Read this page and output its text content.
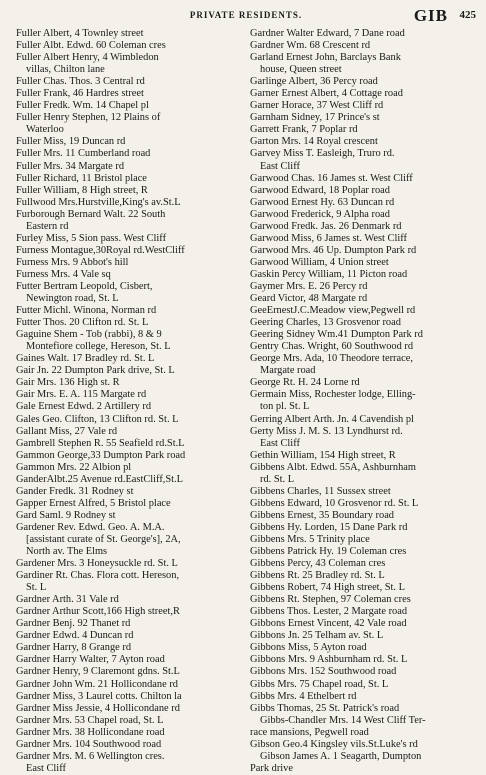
PRIVATE RESIDENTS.	GIB 425
Fuller Albert, 4 Townley street
Fuller Albt. Edwd. 60 Coleman cres
Fuller Albert Henry, 4 Wimbledon
villas, Chilton lane
Fuller Chas. Thos. 3 Central rd
Fuller Frank, 46 Hardres street
Fuller Fredk. Wm. 14 Chapel pl
Fuller Henry Stephen, 12 Plains of
Waterloo
Fuller Miss, 19 Duncan rd
Fuller Mrs. 11 Cumberland road
Fuller Mrs. 34 Margate rd
Fuller Richard, 11 Bristol place
Fuller William, 8 High street, R
Fullwood Mrs.Hurstville,King's av.St.L
Furborough Bernard Walt. 22 South
Eastern rd
Furley Miss, 5 Sion pass. West Cliff
Furness Montague,30Royal rd.WestCliff
Furness Mrs. 9 Abbot's hill
Furness Mrs. 4 Vale sq
Futter Bertram Leopold, Cisbert,
Newington road, St. L
Futter Michl. Winona, Norman rd
Futter Thos. 20 Clifton rd. St. L
Gaguine Shem - Tob (rabbi), 8 & 9
Montefiore college, Hereson, St. L
Gaines Walt. 17 Bradley rd. St. L
Gair Jn. 22 Dumpton Park drive, St. L
Gair Mrs. 136 High st. R
Gair Mrs. E. A. 115 Margate rd
Gale Ernest Edwd. 2 Artillery rd
Gales Geo. Clifton, 13 Clifton rd. St. L
Gallant Miss, 27 Vale rd
Gambrell Stephen R. 55 Seafield rd.St.L
Gammon George,33 Dumpton Park road
Gammon Mrs. 22 Albion pl
GanderAlbt.25 Avenue rd.EastCliff,St.L
Gander Fredk. 31 Rodney st
Gapper Ernest Alfred, 5 Bristol place
Gard Saml. 9 Rodney st
Gardener Rev. Edwd. Geo. A. M.A.
[assistant curate of St. George's], 2A,
North av. The Elms
Gardener Mrs. 3 Honeysuckle rd. St. L
Gardiner Rt. Chas. Flora cott. Hereson,
St. L
Gardner Arth. 31 Vale rd
Gardner Arthur Scott,166 High street,R
Gardner Benj. 92 Thanet rd
Gardner Edwd. 4 Duncan rd
Gardner Harry, 8 Grange rd
Gardner Harry Walter, 7 Ayton road
Gardner Henry, 9 Claremont gdns. St.L
Gardner John Wm. 21 Hollicondane rd
Gardner Miss, 3 Laurel cotts. Chilton la
Gardner Miss Jessie, 4 Hollicondane rd
Gardner Mrs. 53 Chapel road, St. L
Gardner Mrs. 38 Hollicondane road
Gardner Mrs. 104 Southwood road
Gardner Mrs. M. 6 Wellington cres.
East Cliff
Gardner Walter Edward, 7 Dane road
Gardner Wm. 68 Crescent rd
Garland Ernest John, Barclays Bank
house, Queen street
Garlinge Albert, 36 Percy road
Garner Ernest Albert, 4 Cottage road
Garner Horace, 37 West Cliff rd
Garnham Sidney, 17 Prince's st
Garrett Frank, 7 Poplar rd
Garton Mrs. 14 Royal crescent
Garvey Miss T. Easleigh, Truro rd.
East Cliff
Garwood Chas. 16 James st. West Cliff
Garwood Edward, 18 Poplar road
Garwood Ernest Hy. 63 Duncan rd
Garwood Frederick, 9 Alpha road
Garwood Fredk. Jas. 26 Denmark rd
Garwood Miss, 6 James st. West Cliff
Garwood Mrs. 46 Up. Dumpton Park rd
Garwood William, 4 Union street
Gaskin Percy William, 11 Picton road
Gaymer Mrs. E. 26 Percy rd
Geard Victor, 48 Margate rd
GeeErnestJ.C.Meadow view,Pegwell rd
Geering Charles, 13 Grosvenor road
Geering Sidney Wm.41 Dumpton Park rd
Gentry Chas. Wright, 60 Southwood rd
George Mrs. Ada, 10 Theodore terrace,
Margate road
George Rt. H. 24 Lorne rd
Germain Miss, Rochester lodge, Elling-
ton pl. St. L
Gerring Albert Arth. Jn. 4 Cavendish pl
Gerty Miss J. M. S. 13 Lyndhurst rd.
East Cliff
Gethin William, 154 High street, R
Gibbens Albt. Edwd. 55A, Ashburnham
rd. St. L
Gibbens Charles, 11 Sussex street
Gibbens Edward, 10 Grosvenor rd. St. L
Gibbens Ernest, 35 Boundary road
Gibbens Hy. Lorden, 15 Dane Park rd
Gibbens Mrs. 5 Trinity place
Gibbens Patrick Hy. 19 Coleman cres
Gibbens Percy, 43 Coleman cres
Gibbens Rt. 25 Bradley rd. St. L
Gibbens Robert, 74 High street, St. L
Gibbens Rt. Stephen, 97 Coleman cres
Gibbens Thos. Lester, 2 Margate road
Gibbons Ernest Vincent, 42 Vale road
Gibbons Jn. 25 Telham av. St. L
Gibbons Miss, 5 Ayton road
Gibbons Mrs. 9 Ashburnham rd. St. L
Gibbons Mrs. 152 Southwood road
Gibbs Mrs. 75 Chapel road, St. L
Gibbs Mrs. 4 Ethelbert rd
Gibbs Thomas, 25 St. Patrick's road
Gibbs-Chandler Mrs. 14 West Cliff Ter-
race mansions, Pegwell road
Gibson Geo.4 Kingsley vils.St.Luke's rd
Gibson James A. 1 Seagarth, Dumpton
Park drive
